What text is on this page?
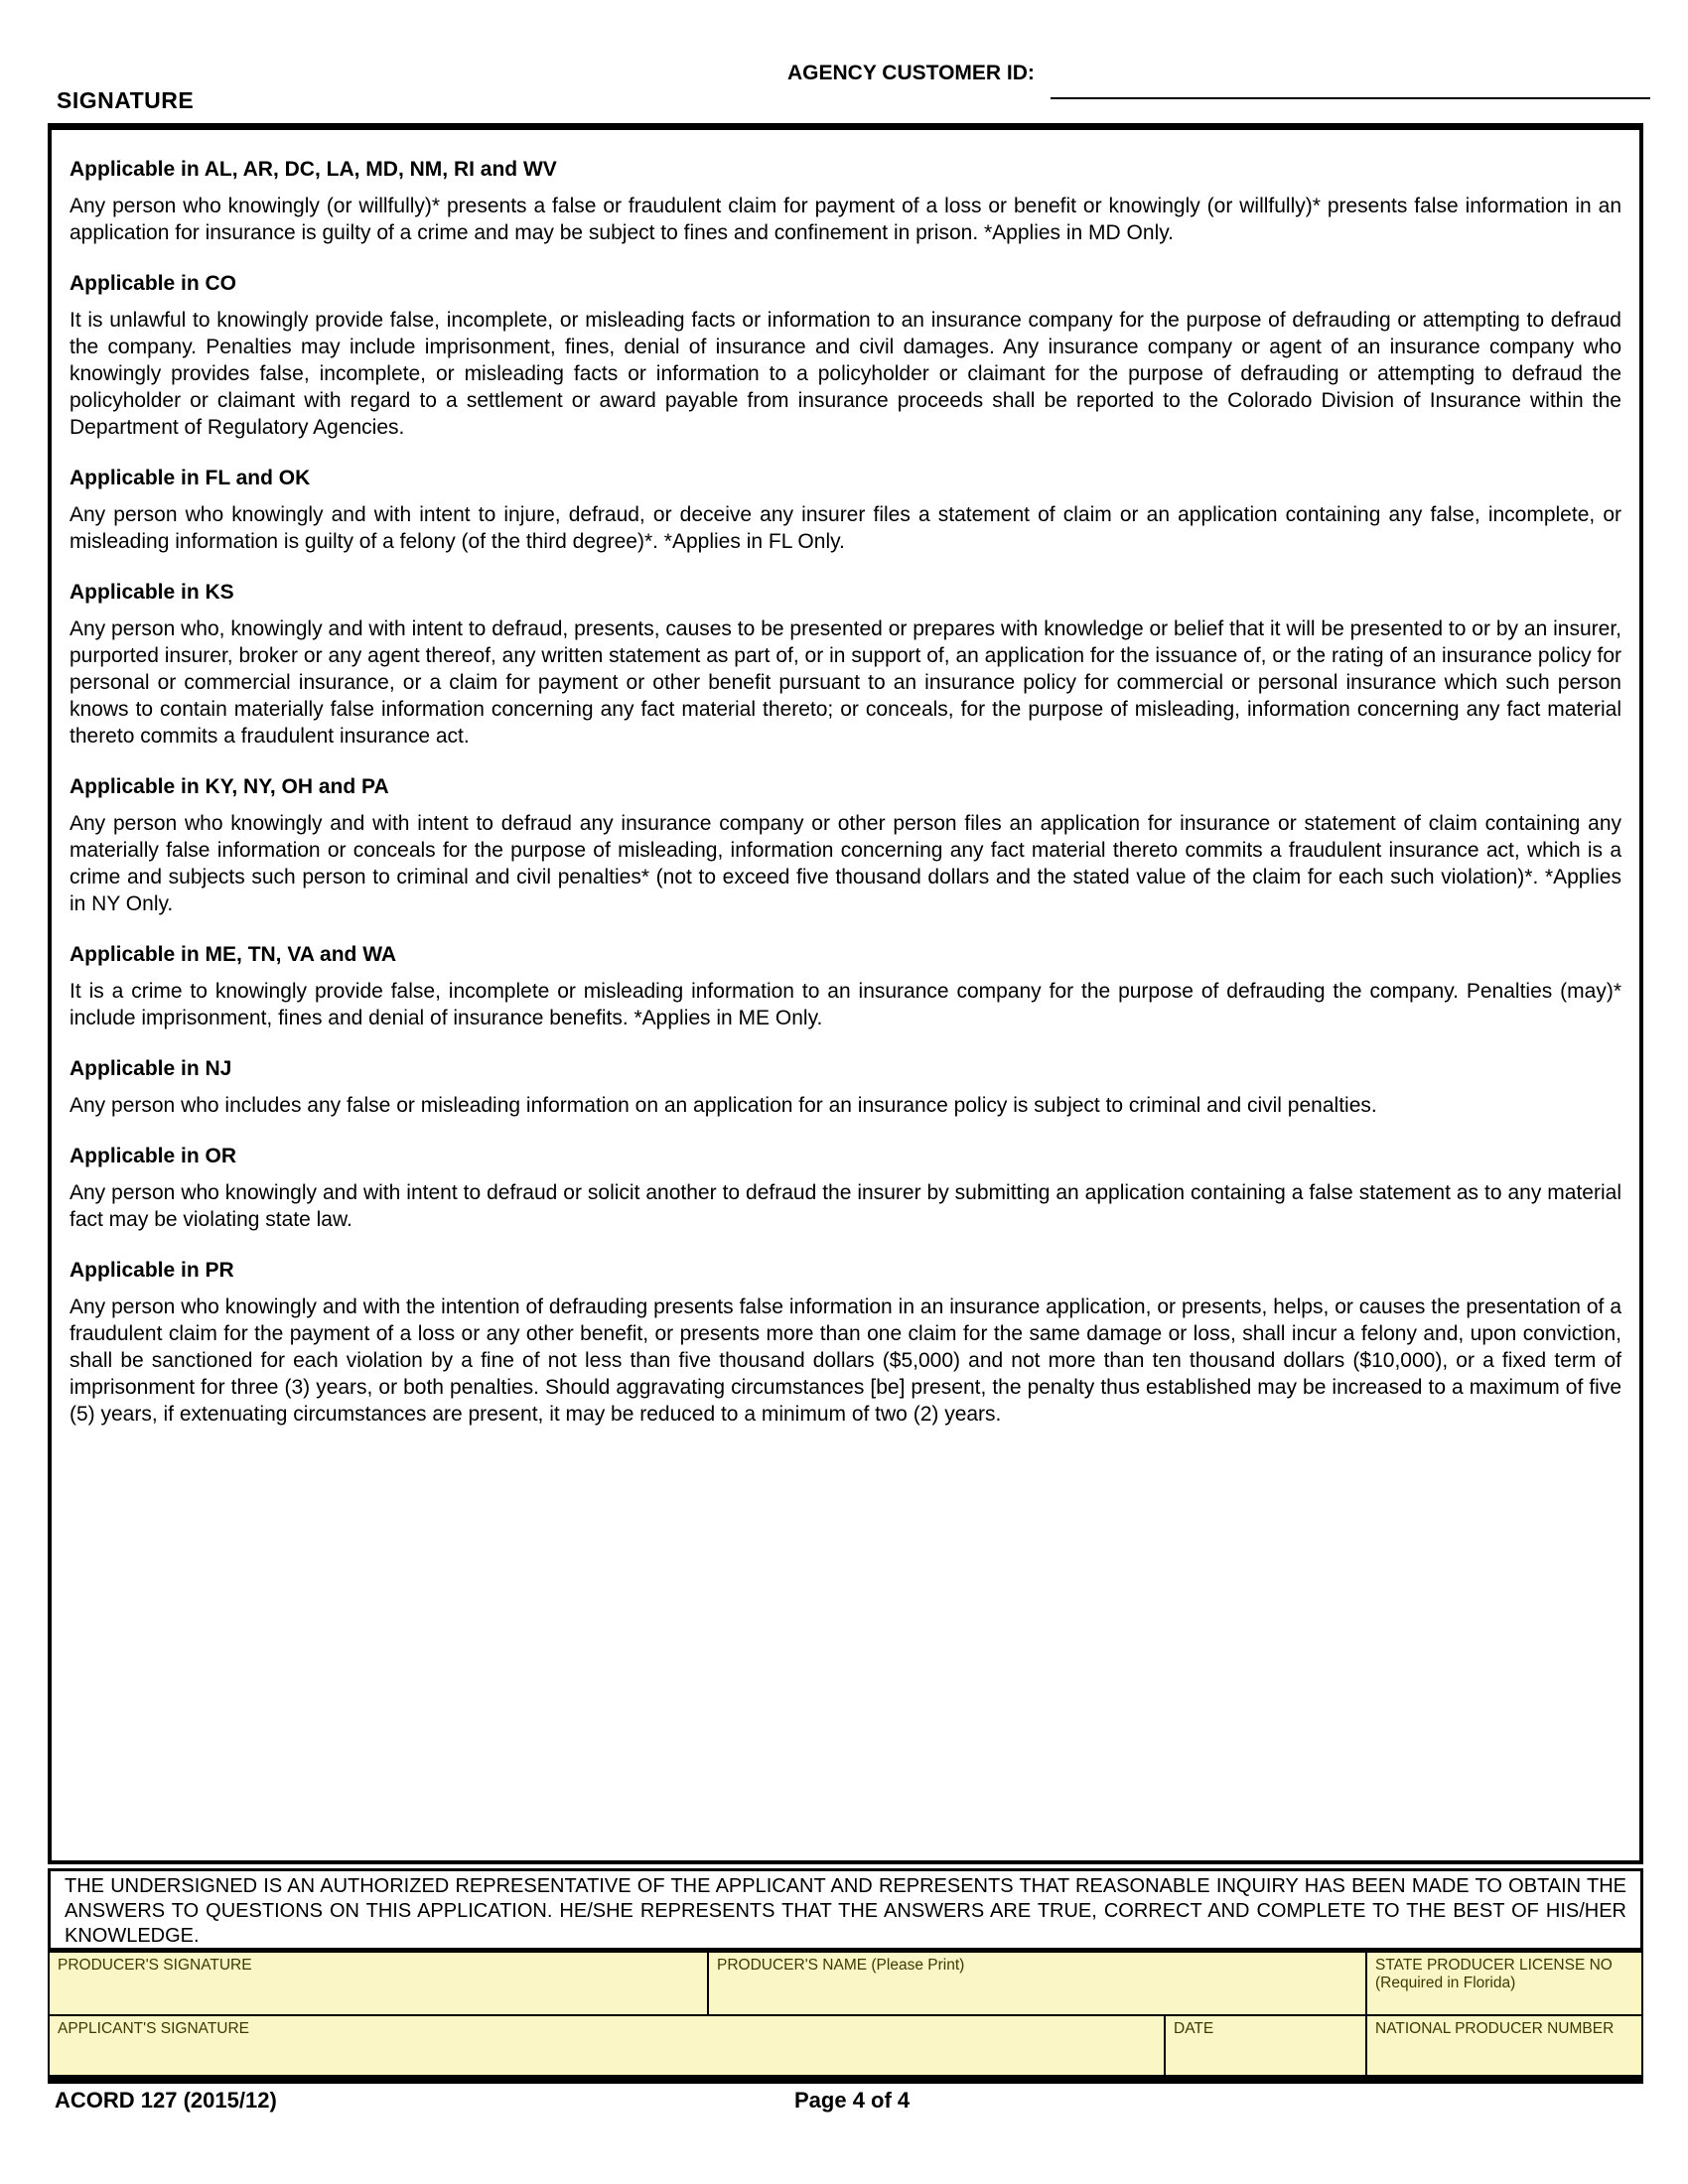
SIGNATURE
AGENCY CUSTOMER ID:
Applicable in AL, AR, DC, LA, MD, NM, RI and WV
Any person who knowingly (or willfully)* presents a false or fraudulent claim for payment of a loss or benefit or knowingly (or willfully)* presents false information in an application for insurance is guilty of a crime and may be subject to fines and confinement in prison. *Applies in MD Only.
Applicable in CO
It is unlawful to knowingly provide false, incomplete, or misleading facts or information to an insurance company for the purpose of defrauding or attempting to defraud the company. Penalties may include imprisonment, fines, denial of insurance and civil damages. Any insurance company or agent of an insurance company who knowingly provides false, incomplete, or misleading facts or information to a policyholder or claimant for the purpose of defrauding or attempting to defraud the policyholder or claimant with regard to a settlement or award payable from insurance proceeds shall be reported to the Colorado Division of Insurance within the Department of Regulatory Agencies.
Applicable in FL and OK
Any person who knowingly and with intent to injure, defraud, or deceive any insurer files a statement of claim or an application containing any false, incomplete, or misleading information is guilty of a felony (of the third degree)*. *Applies in FL Only.
Applicable in KS
Any person who, knowingly and with intent to defraud, presents, causes to be presented or prepares with knowledge or belief that it will be presented to or by an insurer, purported insurer, broker or any agent thereof, any written statement as part of, or in support of, an application for the issuance of, or the rating of an insurance policy for personal or commercial insurance, or a claim for payment or other benefit pursuant to an insurance policy for commercial or personal insurance which such person knows to contain materially false information concerning any fact material thereto; or conceals, for the purpose of misleading, information concerning any fact material thereto commits a fraudulent insurance act.
Applicable in KY, NY, OH and PA
Any person who knowingly and with intent to defraud any insurance company or other person files an application for insurance or statement of claim containing any materially false information or conceals for the purpose of misleading, information concerning any fact material thereto commits a fraudulent insurance act, which is a crime and subjects such person to criminal and civil penalties* (not to exceed five thousand dollars and the stated value of the claim for each such violation)*. *Applies in NY Only.
Applicable in ME, TN, VA and WA
It is a crime to knowingly provide false, incomplete or misleading information to an insurance company for the purpose of defrauding the company. Penalties (may)* include imprisonment, fines and denial of insurance benefits. *Applies in ME Only.
Applicable in NJ
Any person who includes any false or misleading information on an application for an insurance policy is subject to criminal and civil penalties.
Applicable in OR
Any person who knowingly and with intent to defraud or solicit another to defraud the insurer by submitting an application containing a false statement as to any material fact may be violating state law.
Applicable in PR
Any person who knowingly and with the intention of defrauding presents false information in an insurance application, or presents, helps, or causes the presentation of a fraudulent claim for the payment of a loss or any other benefit, or presents more than one claim for the same damage or loss, shall incur a felony and, upon conviction, shall be sanctioned for each violation by a fine of not less than five thousand dollars ($5,000) and not more than ten thousand dollars ($10,000), or a fixed term of imprisonment for three (3) years, or both penalties. Should aggravating circumstances [be] present, the penalty thus established may be increased to a maximum of five (5) years, if extenuating circumstances are present, it may be reduced to a minimum of two (2) years.
THE UNDERSIGNED IS AN AUTHORIZED REPRESENTATIVE OF THE APPLICANT AND REPRESENTS THAT REASONABLE INQUIRY HAS BEEN MADE TO OBTAIN THE ANSWERS TO QUESTIONS ON THIS APPLICATION. HE/SHE REPRESENTS THAT THE ANSWERS ARE TRUE, CORRECT AND COMPLETE TO THE BEST OF HIS/HER KNOWLEDGE.
PRODUCER'S SIGNATURE	PRODUCER'S NAME (Please Print)	STATE PRODUCER LICENSE NO
(Required in Florida)
APPLICANT'S SIGNATURE	DATE	NATIONAL PRODUCER NUMBER
ACORD 127 (2015/12)	Page 4 of 4
